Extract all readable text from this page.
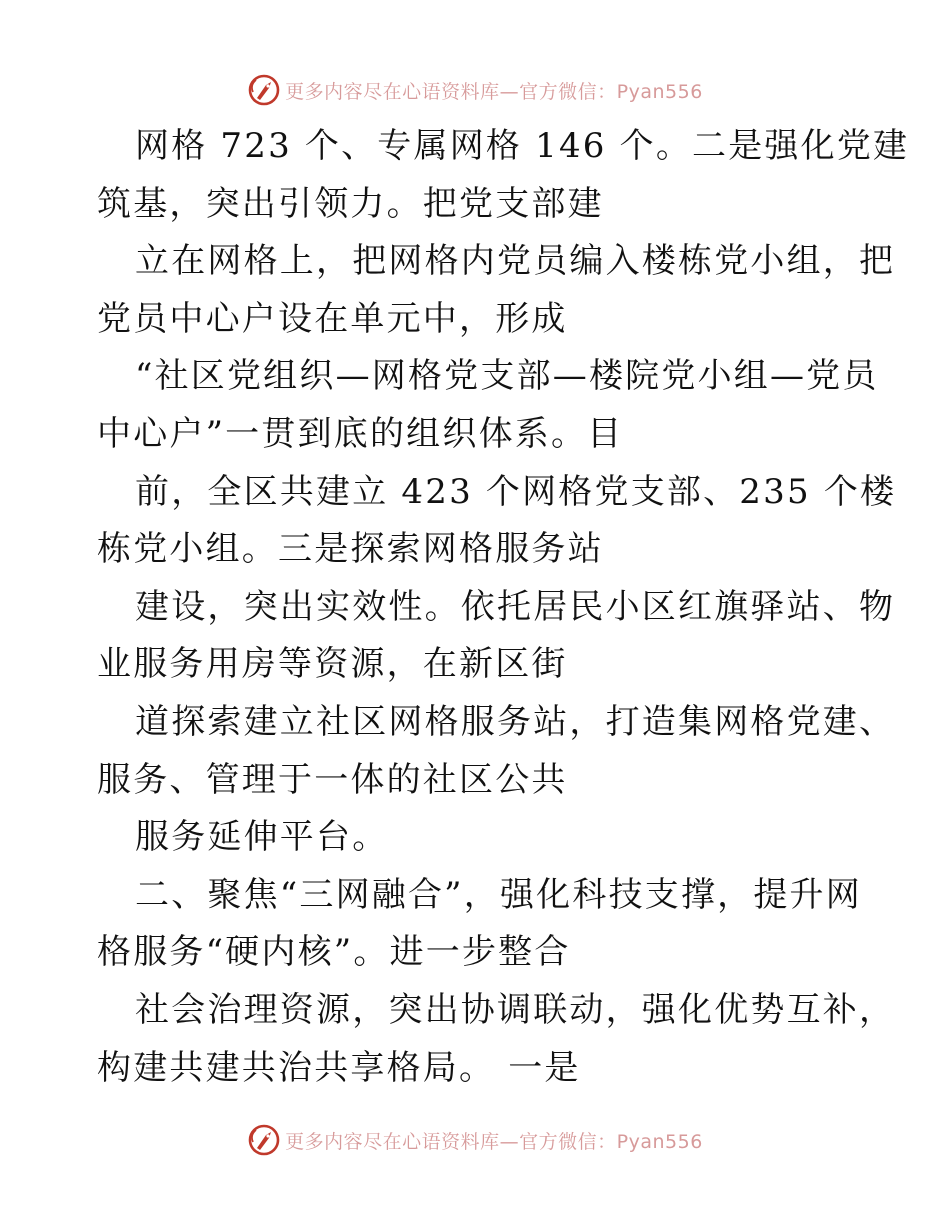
更多内容尽在心语资料库—官方微信：Pyan556
网格 723 个、专属网格 146 个。二是强化党建
筑基，突出引领力。把党支部建
立在网格上，把网格内党员编入楼栋党小组，把
党员中心户设在单元中，形成
“社区党组织—网格党支部—楼院党小组—党员
中心户”一贯到底的组织体系。目
前，全区共建立 423 个网格党支部、235 个楼
栋党小组。三是探索网格服务站
建设，突出实效性。依托居民小区红旗驿站、物
业服务用房等资源，在新区街
道探索建立社区网格服务站，打造集网格党建、
服务、管理于一体的社区公共
服务延伸平台。
二、聚焦“三网融合”，强化科技支撑，提升网
格服务“硬内核”。进一步整合
社会治理资源，突出协调联动，强化优势互补，
构建共建共治共享格局。 一是
更多内容尽在心语资料库—官方微信：Pyan556
